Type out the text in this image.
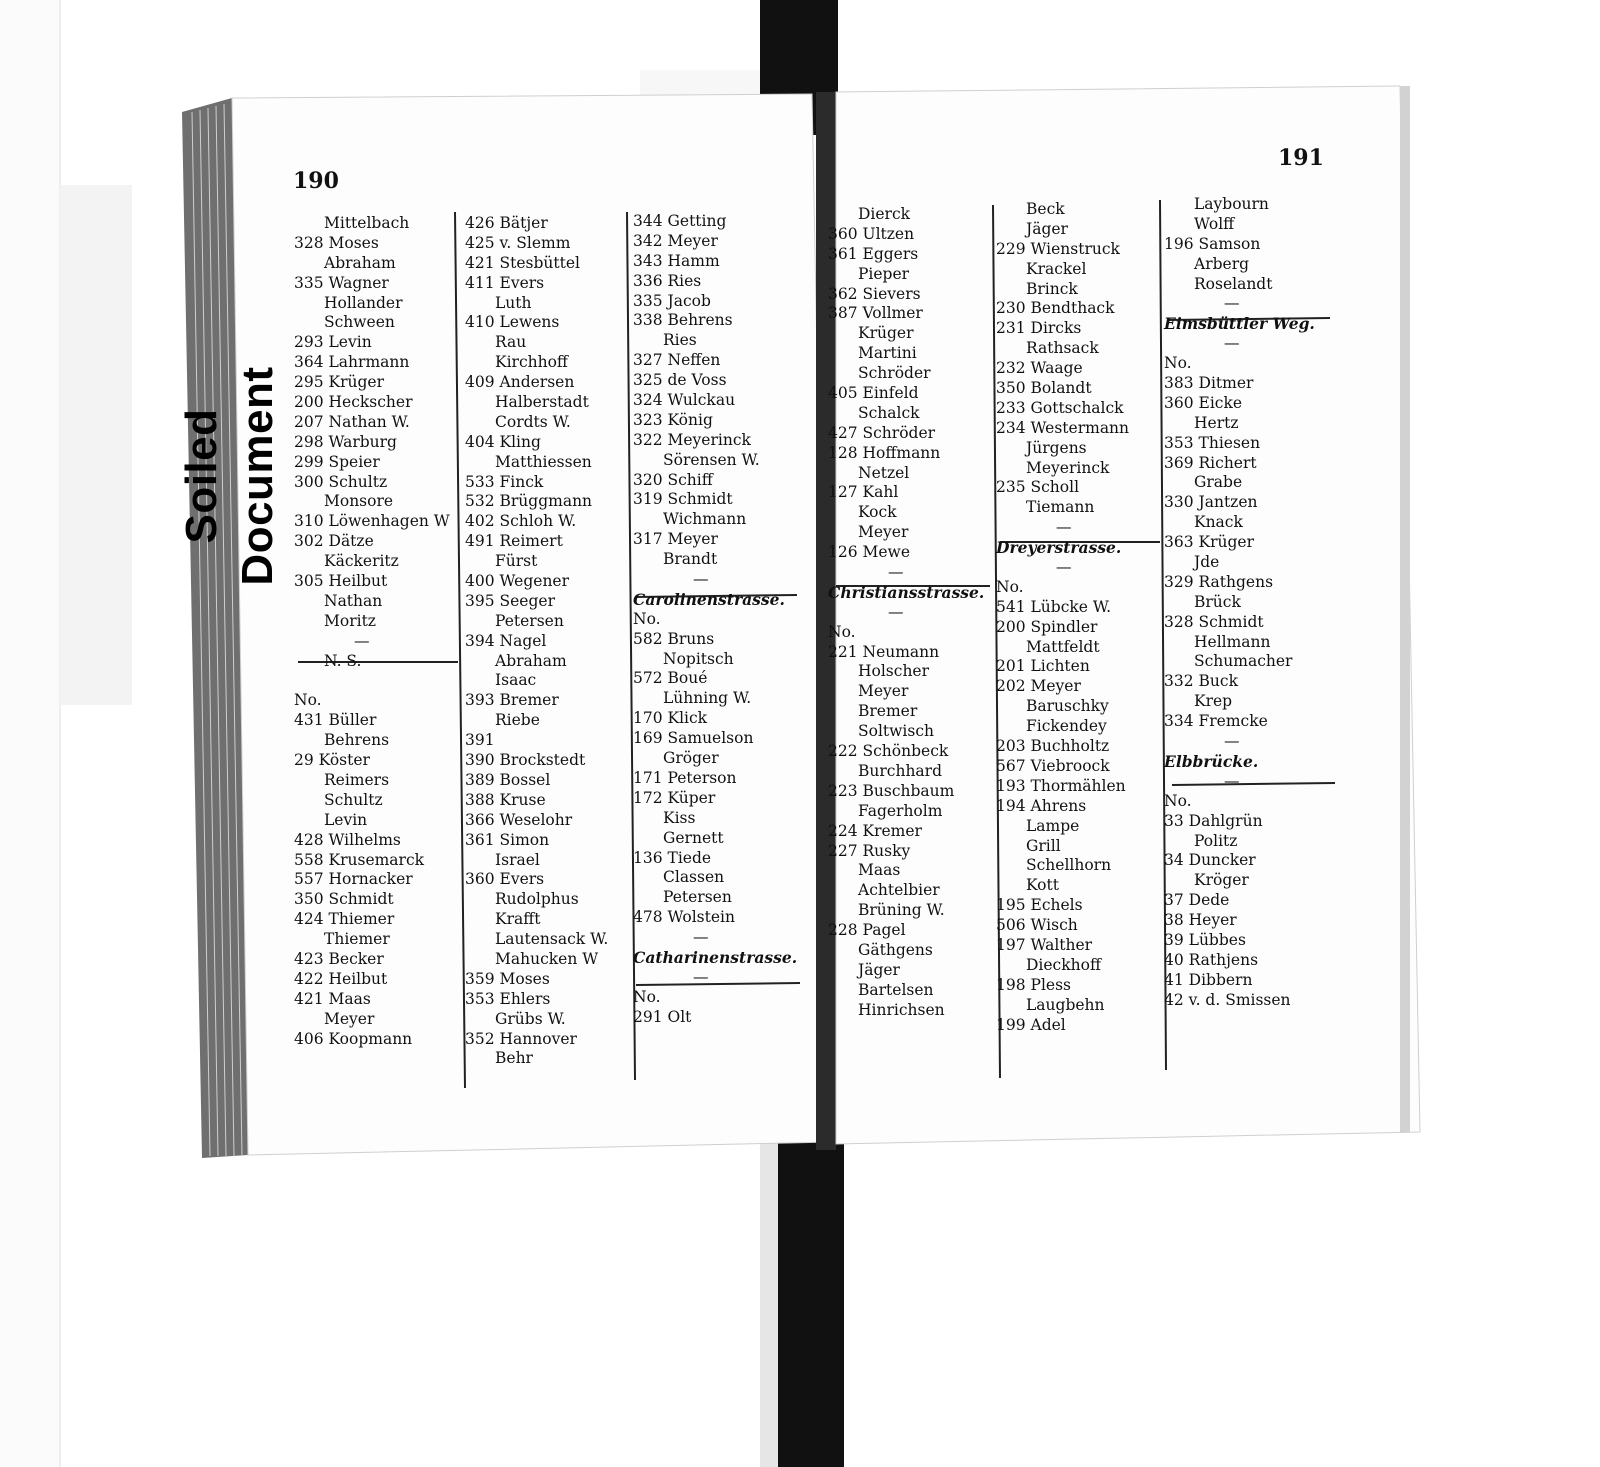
Soiled Document
190
191
Mittelbach
328 Moses
Abraham
335 Wagner
Hollander
Schween
293 Levin
364 Lahrmann
295 Krüger
200 Heckscher
207 Nathan W.
298 Warburg
299 Speier
300 Schultz
Monsore
310 Löwenhagen W
302 Dätze
Käckeritz
305 Heilbut
Nathan
Moritz
—
N. S.
No.
431 Büller
Behrens
29 Köster
Reimers
Schultz
Levin
428 Wilhelms
558 Krusemarck
557 Hornacker
350 Schmidt
424 Thiemer
Thiemer
423 Becker
422 Heilbut
421 Maas
Meyer
406 Koopmann
426 Bätjer
425 v. Slemm
421 Stesbüttel
411 Evers
Luth
410 Lewens
Rau
Kirchhoff
409 Andersen
Halberstadt
Cordts W.
404 Kling
Matthiessen
533 Finck
532 Brüggmann
402 Schloh W.
491 Reimert
Fürst
400 Wegener
395 Seeger
Petersen
394 Nagel
Abraham
Isaac
393 Bremer
Riebe
391
390 Brockstedt
389 Bossel
388 Kruse
366 Weselohr
361 Simon
Israel
360 Evers
Rudolphus
Krafft
Lautensack W.
Mahucken W
359 Moses
353 Ehlers
Grübs W.
352 Hannover
Behr
344 Getting
342 Meyer
343 Hamm
336 Ries
335 Jacob
338 Behrens
Ries
327 Neffen
325 de Voss
324 Wulckau
323 König
322 Meyerinck
Sörensen W.
320 Schiff
319 Schmidt
Wichmann
317 Meyer
Brandt
—
Carolinenstrasse.
No.
582 Bruns
Nopitsch
572 Boué
Lühning W.
170 Klick
169 Samuelson
Gröger
171 Peterson
172 Küper
Kiss
Gernett
136 Tiede
Classen
Petersen
478 Wolstein
—
Catharinenstrasse.
—
No.
291 Olt
Dierck
360 Ultzen
361 Eggers
Pieper
362 Sievers
387 Vollmer
Krüger
Martini
Schröder
405 Einfeld
Schalck
427 Schröder
128 Hoffmann
Netzel
127 Kahl
Kock
Meyer
126 Mewe
—
Christiansstrasse.
—
No.
221 Neumann
Holscher
Meyer
Bremer
Soltwisch
222 Schönbeck
Burchhard
223 Buschbaum
Fagerholm
224 Kremer
227 Rusky
Maas
Achtelbier
Brüning W.
228 Pagel
Gäthgens
Jäger
Bartelsen
Hinrichsen
Beck
Jäger
229 Wienstruck
Krackel
Brinck
230 Bendthack
231 Dircks
Rathsack
232 Waage
350 Bolandt
233 Gottschalck
234 Westermann
Jürgens
Meyerinck
235 Scholl
Tiemann
—
Dreyerstrasse.
—
No.
541 Lübcke W.
200 Spindler
Mattfeldt
201 Lichten
202 Meyer
Baruschky
Fickendey
203 Buchholtz
567 Viebroock
193 Thormählen
194 Ahrens
Lampe
Grill
Schellhorn
Kott
195 Echels
506 Wisch
197 Walther
Dieckhoff
198 Pless
Laugbehn
199 Adel
Laybourn
Wolff
196 Samson
Arberg
Roselandt
—
Eimsbüttler Weg.
—
No.
383 Ditmer
360 Eicke
Hertz
353 Thiesen
369 Richert
Grabe
330 Jantzen
Knack
363 Krüger
Jde
329 Rathgens
Brück
328 Schmidt
Hellmann
Schumacher
332 Buck
Krep
334 Fremcke
—
Elbbrücke.
—
No.
33 Dahlgrün
Politz
34 Duncker
Kröger
37 Dede
38 Heyer
39 Lübbes
40 Rathjens
41 Dibbern
42 v. d. Smissen
